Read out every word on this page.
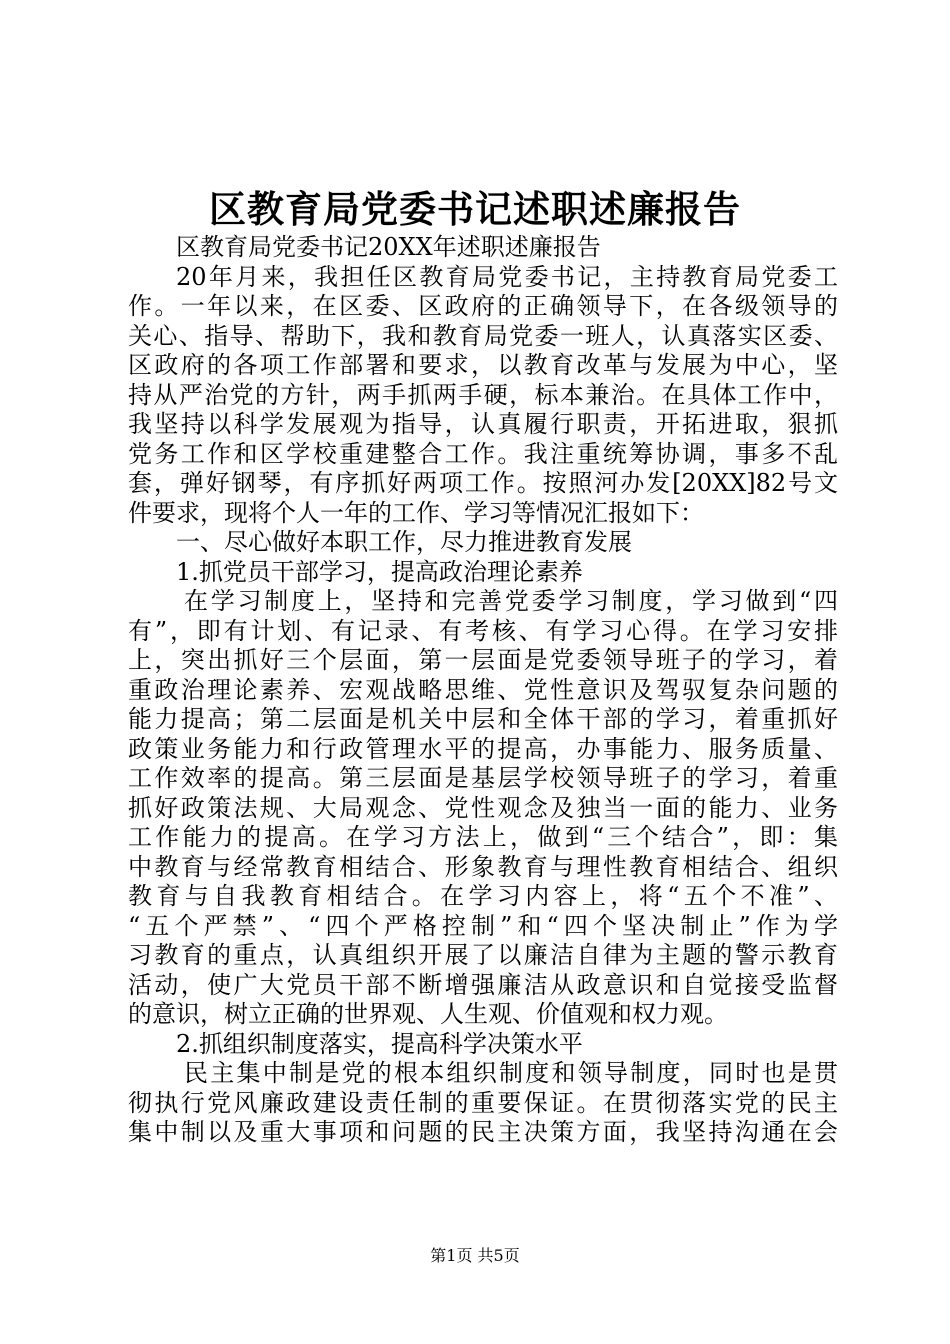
区教育局党委书记述职述廉报告
区教育局党委书记20XX年述职述廉报告
20年月来，我担任区教育局党委书记，主持教育局党委工
作。一年以来，在区委、区政府的正确领导下，在各级领导的
关心、指导、帮助下，我和教育局党委一班人，认真落实区委、
区政府的各项工作部署和要求，以教育改革与发展为中心，坚
持从严治党的方针，两手抓两手硬，标本兼治。在具体工作中，
我坚持以科学发展观为指导，认真履行职责，开拓进取，狠抓
党务工作和区学校重建整合工作。我注重统筹协调，事多不乱
套，弹好钢琴，有序抓好两项工作。按照河办发[20XX]82号文
件要求，现将个人一年的工作、学习等情况汇报如下：
一、尽心做好本职工作，尽力推进教育发展
1.抓党员干部学习，提高政治理论素养
在学习制度上，坚持和完善党委学习制度，学习做到“四
有”，即有计划、有记录、有考核、有学习心得。在学习安排
上，突出抓好三个层面，第一层面是党委领导班子的学习，着
重政治理论素养、宏观战略思维、党性意识及驾驭复杂问题的
能力提高；第二层面是机关中层和全体干部的学习，着重抓好
政策业务能力和行政管理水平的提高，办事能力、服务质量、
工作效率的提高。第三层面是基层学校领导班子的学习，着重
抓好政策法规、大局观念、党性观念及独当一面的能力、业务
工作能力的提高。在学习方法上，做到“三个结合”，即：集
中教育与经常教育相结合、形象教育与理性教育相结合、组织
教育与自我教育相结合。在学习内容上，将“五个不准”、
“五个严禁”、“四个严格控制”和“四个坚决制止”作为学
习教育的重点，认真组织开展了以廉洁自律为主题的警示教育
活动，使广大党员干部不断增强廉洁从政意识和自觉接受监督
的意识，树立正确的世界观、人生观、价值观和权力观。
2.抓组织制度落实，提高科学决策水平
民主集中制是党的根本组织制度和领导制度，同时也是贯
彻执行党风廉政建设责任制的重要保证。在贯彻落实党的民主
集中制以及重大事项和问题的民主决策方面，我坚持沟通在会
第1页 共5页
